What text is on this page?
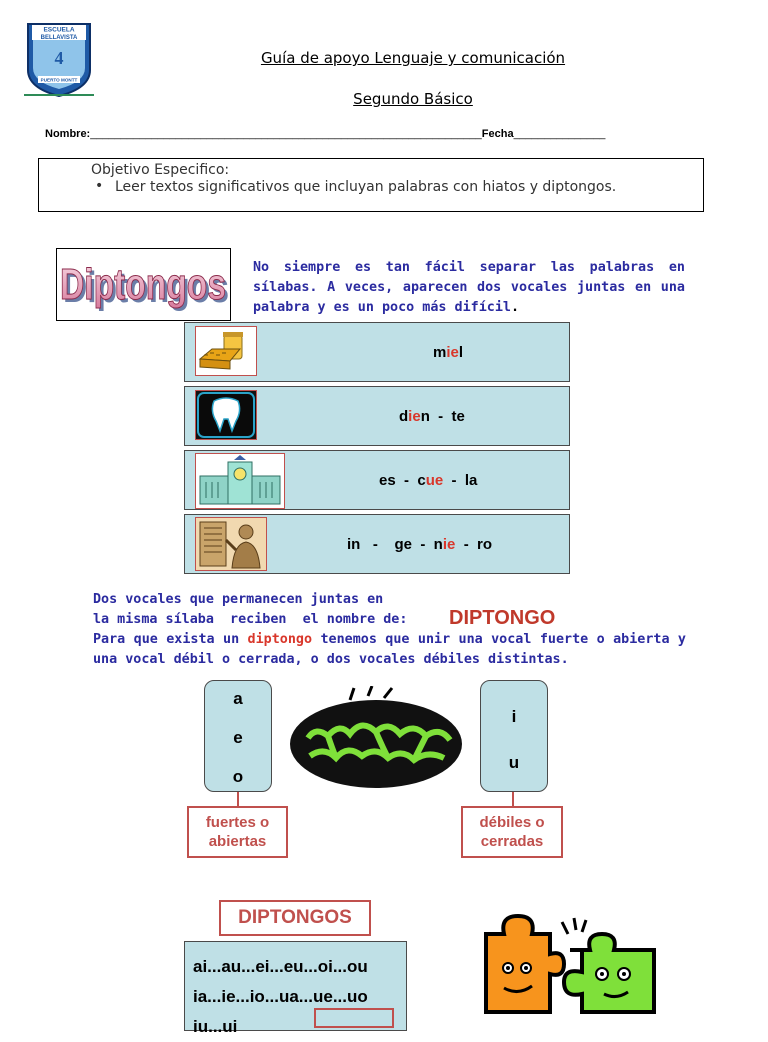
ESCUELA
BELLAVISTA
4
PUERTO MONTT
Guía de apoyo Lenguaje y comunicación
Segundo Básico
Nombre:________________________________________________________________Fecha_______________
Objetivo Especifico:
• Leer textos significativos que incluyan palabras con hiatos y diptongos.
Diptongos
Diptongos No siempre es tan fácil separar las palabras en sílabas. A veces, aparecen dos vocales juntas en una palabra y es un poco más difícil.
miel
dien  -  te
es  -  cue  -  la
in   -    ge  -  nie  -  ro
Dos vocales que permanecen juntas en
la misma sílaba  reciben  el nombre de: DIPTONGO
Para que exista un diptongo tenemos que unir una vocal fuerte o abierta y una vocal débil o cerrada, o dos vocales débiles distintas.
a
e
o
fuertes o
abiertas
i
u
débiles o
cerradas
DIPTONGOS
ai...au...ei...eu...oi...ou
ia...ie...io...ua...ue...uo
iu...ui
